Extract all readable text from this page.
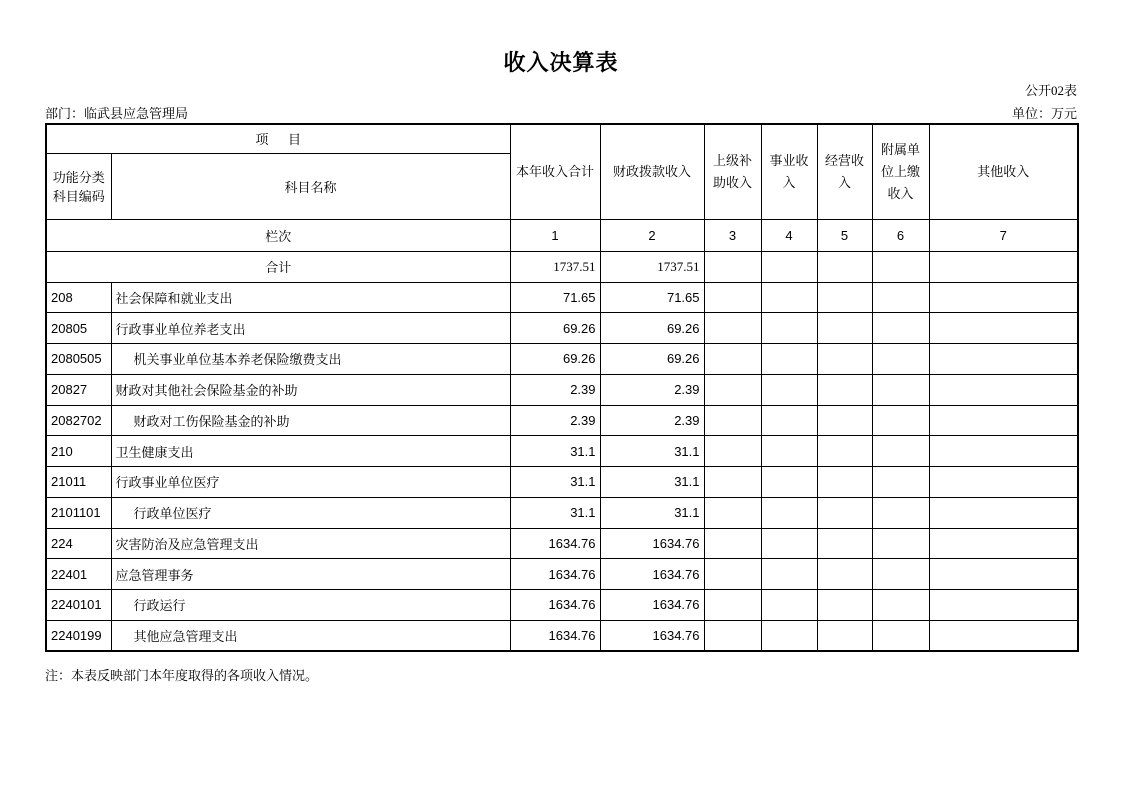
收入决算表
公开02表
部门：临武县应急管理局	单位：万元
项      目		本年收入合计	财政拨款收入	上级补助收入	事业收入	经营收入	附属单位上缴收入	其他收入

功能分类
科目编码	科目名称							
栏次		1	2	3	4	5	6	7
合计		1737.51	1737.51					
208	社会保障和就业支出	71.65	71.65					
20805	行政事业单位养老支出	69.26	69.26					
2080505	机关事业单位基本养老保险缴费支出	69.26	69.26					
20827	财政对其他社会保险基金的补助	2.39	2.39					
2082702	财政对工伤保险基金的补助	2.39	2.39					
210	卫生健康支出	31.1	31.1					
21011	行政事业单位医疗	31.1	31.1					
2101101	行政单位医疗	31.1	31.1					
224	灾害防治及应急管理支出	1634.76	1634.76					
22401	应急管理事务	1634.76	1634.76					
2240101	行政运行	1634.76	1634.76					
2240199	其他应急管理支出	1634.76	1634.76					
注：本表反映部门本年度取得的各项收入情况。
